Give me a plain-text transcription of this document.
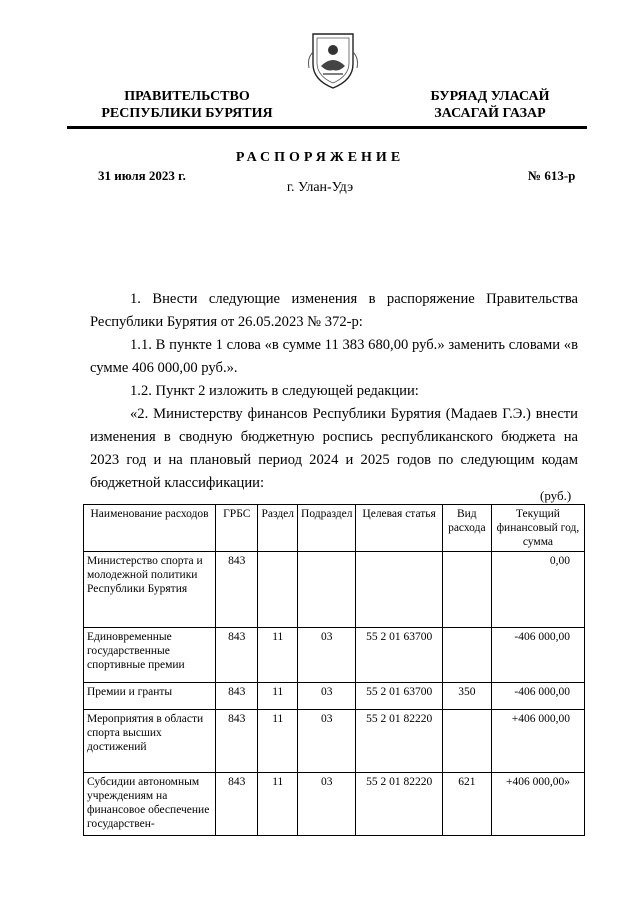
ПРАВИТЕЛЬСТВО
РЕСПУБЛИКИ БУРЯТИЯ
БУРЯАД УЛАСАЙ
ЗАСАГАЙ ГАЗАР
РАСПОРЯЖЕНИЕ
31 июля 2023 г.	№ 613-р
г. Улан-Удэ

1. Внести следующие изменения в распоряжение Правительства Республики Бурятия от 26.05.2023 № 372-р:

1.1. В пункте 1 слова «в сумме 11 383 680,00 руб.» заменить словами «в сумме 406 000,00 руб.».

1.2. Пункт 2 изложить в следующей редакции:

«2. Министерству финансов Республики Бурятия (Мадаев Г.Э.) внести изменения в сводную бюджетную роспись республиканского бюджета на 2023 год и на плановый период 2024 и 2025 годов по следующим кодам бюджетной классификации:

(руб.)
Наименование расходов	ГРБС	Раздел	Подраздел	Целевая статья	Вид расхода	Текущий финансовый год, сумма
Министерство спорта и молодежной политики Республики Бурятия	843					0,00
Единовременные государственные спортивные премии	843	11	03	55 2 01 63700		-406 000,00
Премии и гранты	843	11	03	55 2 01 63700	350	-406 000,00
Мероприятия в области спорта высших достижений	843	11	03	55 2 01 82220		+406 000,00
Субсидии автономным учреждениям на финансовое обеспечение государствен-	843	11	03	55 2 01 82220	621	+406 000,00»
